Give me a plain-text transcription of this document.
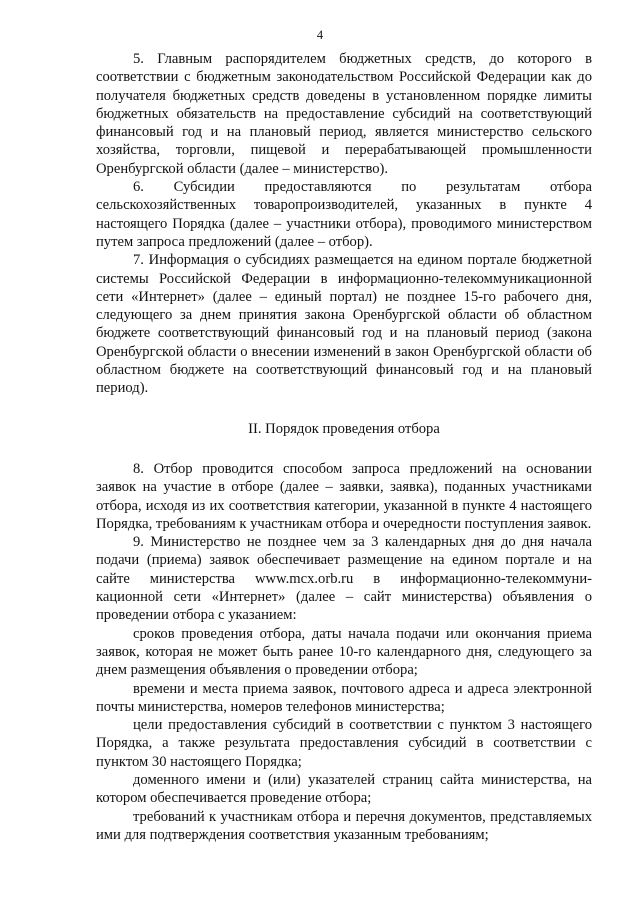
4

5. Главным распорядителем бюджетных средств, до которого в соответствии с бюджетным законодательством Российской Федерации как до получателя бюджетных средств доведены в установленном порядке лимиты бюджетных обязательств на предоставление субсидий на соответствующий финансовый год и на плановый период, является министерство сельского хозяйства, торговли, пищевой и перерабатывающей промышленности Оренбургской области (далее – министерство).

6. Субсидии предоставляются по результатам отбора сельскохозяйственных товаропроизводителей, указанных в пункте 4 настоящего Порядка (далее – участники отбора), проводимого министерством путем запроса предложений (далее – отбор).

7. Информация о субсидиях размещается на едином портале бюджетной системы Российской Федерации в информационно-телекоммуникационной сети «Интернет» (далее – единый портал) не позднее 15-го рабочего дня, следующего за днем принятия закона Оренбургской области об областном бюджете соответствующий финансовый год и на плановый период (закона Оренбургской области о внесении изменений в закон Оренбургской области об областном бюджете на соответствующий финансовый год и на плановый период).

II. Порядок проведения отбора

8. Отбор проводится способом запроса предложений на основании заявок на участие в отборе (далее – заявки, заявка), поданных участниками отбора, исходя из их соответствия категории, указанной в пункте 4 настоящего Порядка, требованиям к участникам отбора и очередности поступления заявок.

9. Министерство не позднее чем за 3 календарных дня до дня начала подачи (приема) заявок обеспечивает размещение на едином портале и на сайте министерства www.mcx.orb.ru в информационно-телекоммуни-кационной сети «Интернет» (далее – сайт министерства) объявления о проведении отбора с указанием:

сроков проведения отбора, даты начала подачи или окончания приема заявок, которая не может быть ранее 10-го календарного дня, следующего за днем размещения объявления о проведении отбора;

времени и места приема заявок, почтового адреса и адреса электронной почты министерства, номеров телефонов министерства;

цели предоставления субсидий в соответствии с пунктом 3 настоящего Порядка, а также результата предоставления субсидий в соответствии с пунктом 30 настоящего Порядка;

доменного имени и (или) указателей страниц сайта министерства, на котором обеспечивается проведение отбора;

требований к участникам отбора и перечня документов, представляемых ими для подтверждения соответствия указанным требованиям;
